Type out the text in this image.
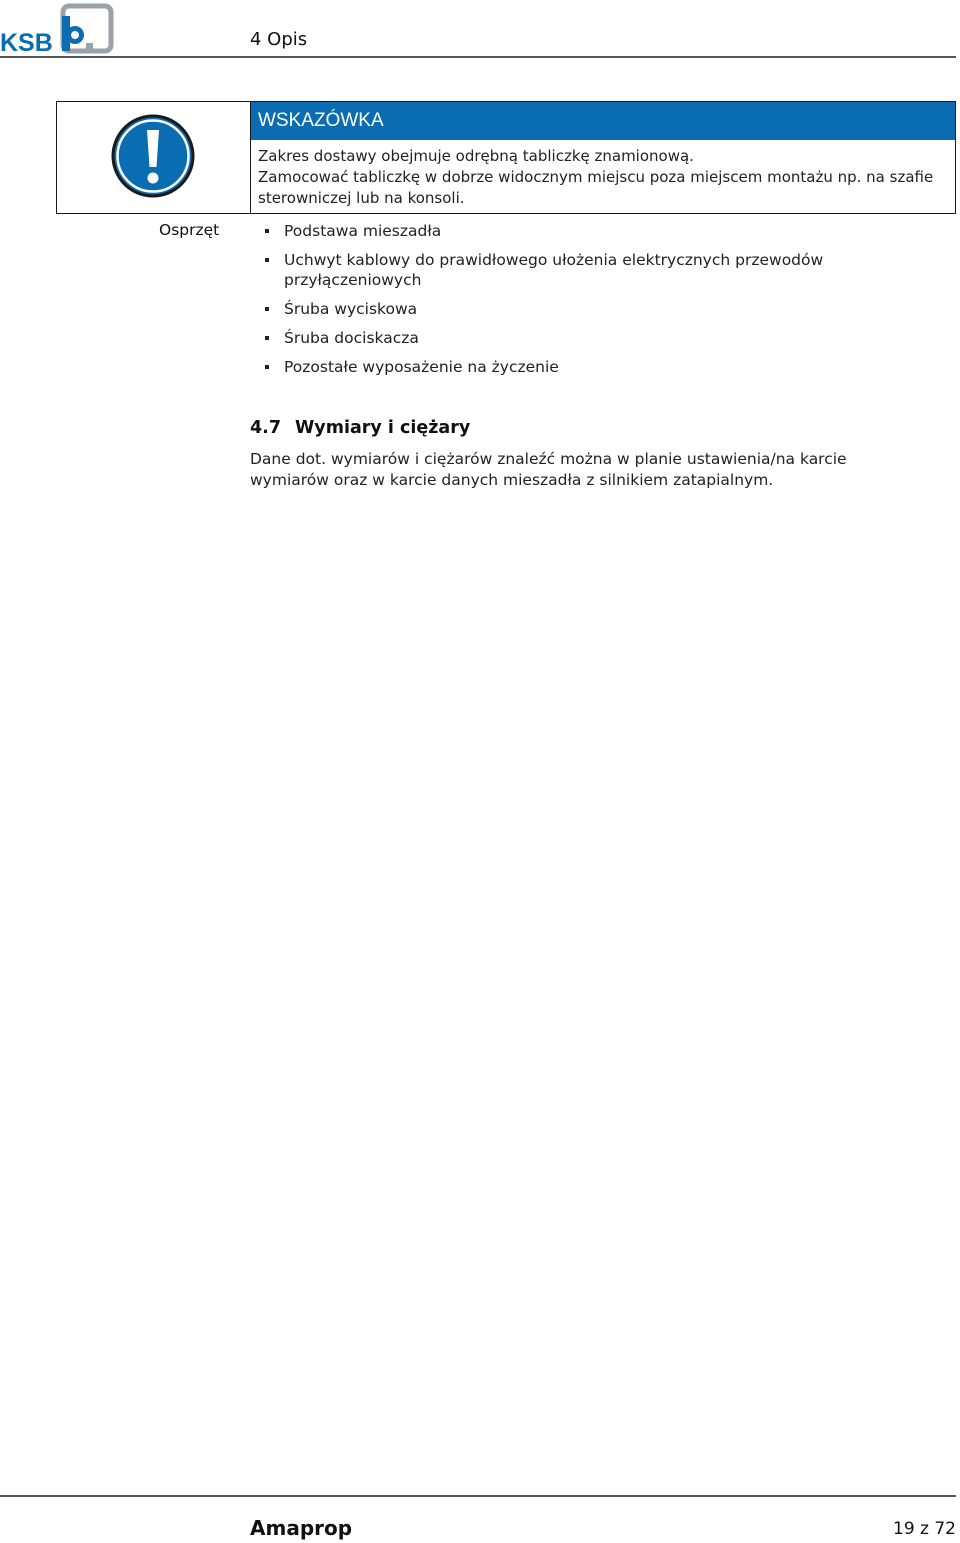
KSB	4 Opis
WSKAZÓWKA

Zakres dostawy obejmuje odrębną tabliczkę znamionową.

Zamocować tabliczkę w dobrze widocznym miejscu poza miejscem montażu np. na szafie sterowniczej lub na konsoli.

Osprzęt	Podstawa mieszadła
Uchwyt kablowy do prawidłowego ułożenia elektrycznych przewodów przyłączeniowych
Śruba wyciskowa
Śruba dociskacza
Pozostałe wyposażenie na życzenie
4.7 Wymiary i ciężary

Dane dot. wymiarów i ciężarów znaleźć można w planie ustawienia/na karcie wymiarów oraz w karcie danych mieszadła z silnikiem zatapialnym.

Amaprop	19 z 72
